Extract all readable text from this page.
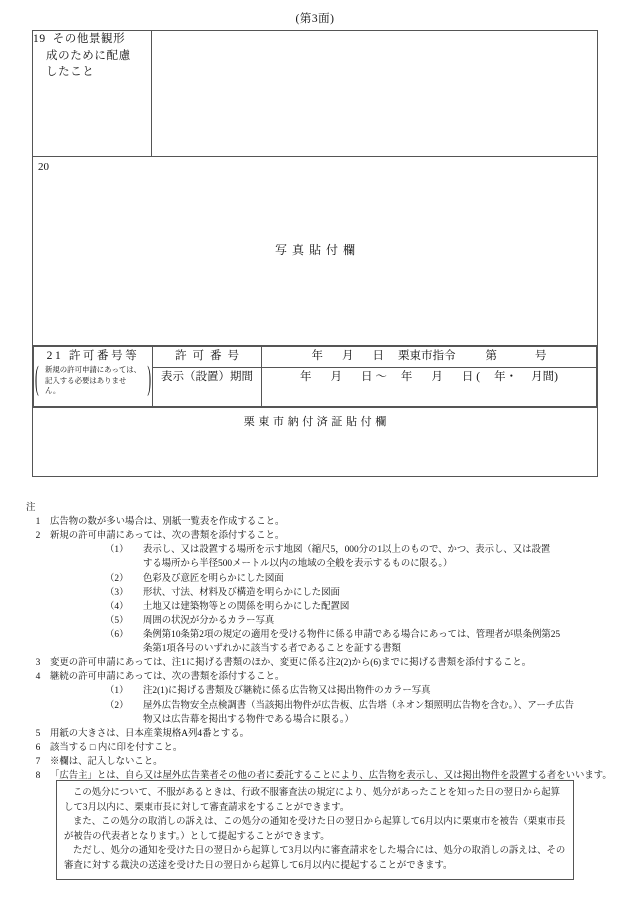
(第3面)
19 その他景観形
成のために配慮
したこと

20
写真貼付欄

21 許可番号等
( 新規の許可申請にあっては、記入する必要はありません。	)
	許可番号	年 月 日 栗東市指令	第	号
表示（設置）期間	年 月 日 ～ 年 月 日 ( 年・ 月間)

栗東市納付済証貼付欄
注
1	広告物の数が多い場合は、別紙一覧表を作成すること。
2	新規の許可申請にあっては、次の書類を添付すること。
（1）	表示し、又は設置する場所を示す地図（縮尺5，000分の1以上のもので、かつ、表示し、又は設置
する場所から半径500メートル以内の地域の全般を表示するものに限る。）
（2）	色彩及び意匠を明らかにした図面
（3）	形状、寸法、材料及び構造を明らかにした図面
（4）	土地又は建築物等との関係を明らかにした配置図
（5）	周囲の状況が分かるカラー写真
（6）	条例第10条第2項の規定の適用を受ける物件に係る申請である場合にあっては、管理者が県条例第25
条第1項各号のいずれかに該当する者であることを証する書類
3	変更の許可申請にあっては、注1に掲げる書類のほか、変更に係る注2(2)から(6)までに掲げる書類を添付すること。
4	継続の許可申請にあっては、次の書類を添付すること。
（1）	注2(1)に掲げる書類及び継続に係る広告物又は掲出物件のカラー写真
（2）	屋外広告物安全点検調書（当該掲出物件が広告板、広告塔（ネオン類照明広告物を含む。）、アーチ広告
物又は広告幕を掲出する物件である場合に限る。）
5	用紙の大きさは、日本産業規格A列4番とする。
6	該当する □ 内に印を付すこと。
7	※欄は、記入しないこと。
8	「広告主」とは、自ら又は屋外広告業者その他の者に委託することにより、広告物を表示し、又は掲出物件を設置する者をいいます。

この処分について、不服があるときは、行政不服審査法の規定により、処分があったことを知った日の翌日から起算して3月以内に、栗東市長に対して審査請求をすることができます。

また、この処分の取消しの訴えは、この処分の通知を受けた日の翌日から起算して6月以内に栗東市を被告（栗東市長が被告の代表者となります。）として提起することができます。

ただし、処分の通知を受けた日の翌日から起算して3月以内に審査請求をした場合には、処分の取消しの訴えは、その審査に対する裁決の送達を受けた日の翌日から起算して6月以内に提起することができます。
